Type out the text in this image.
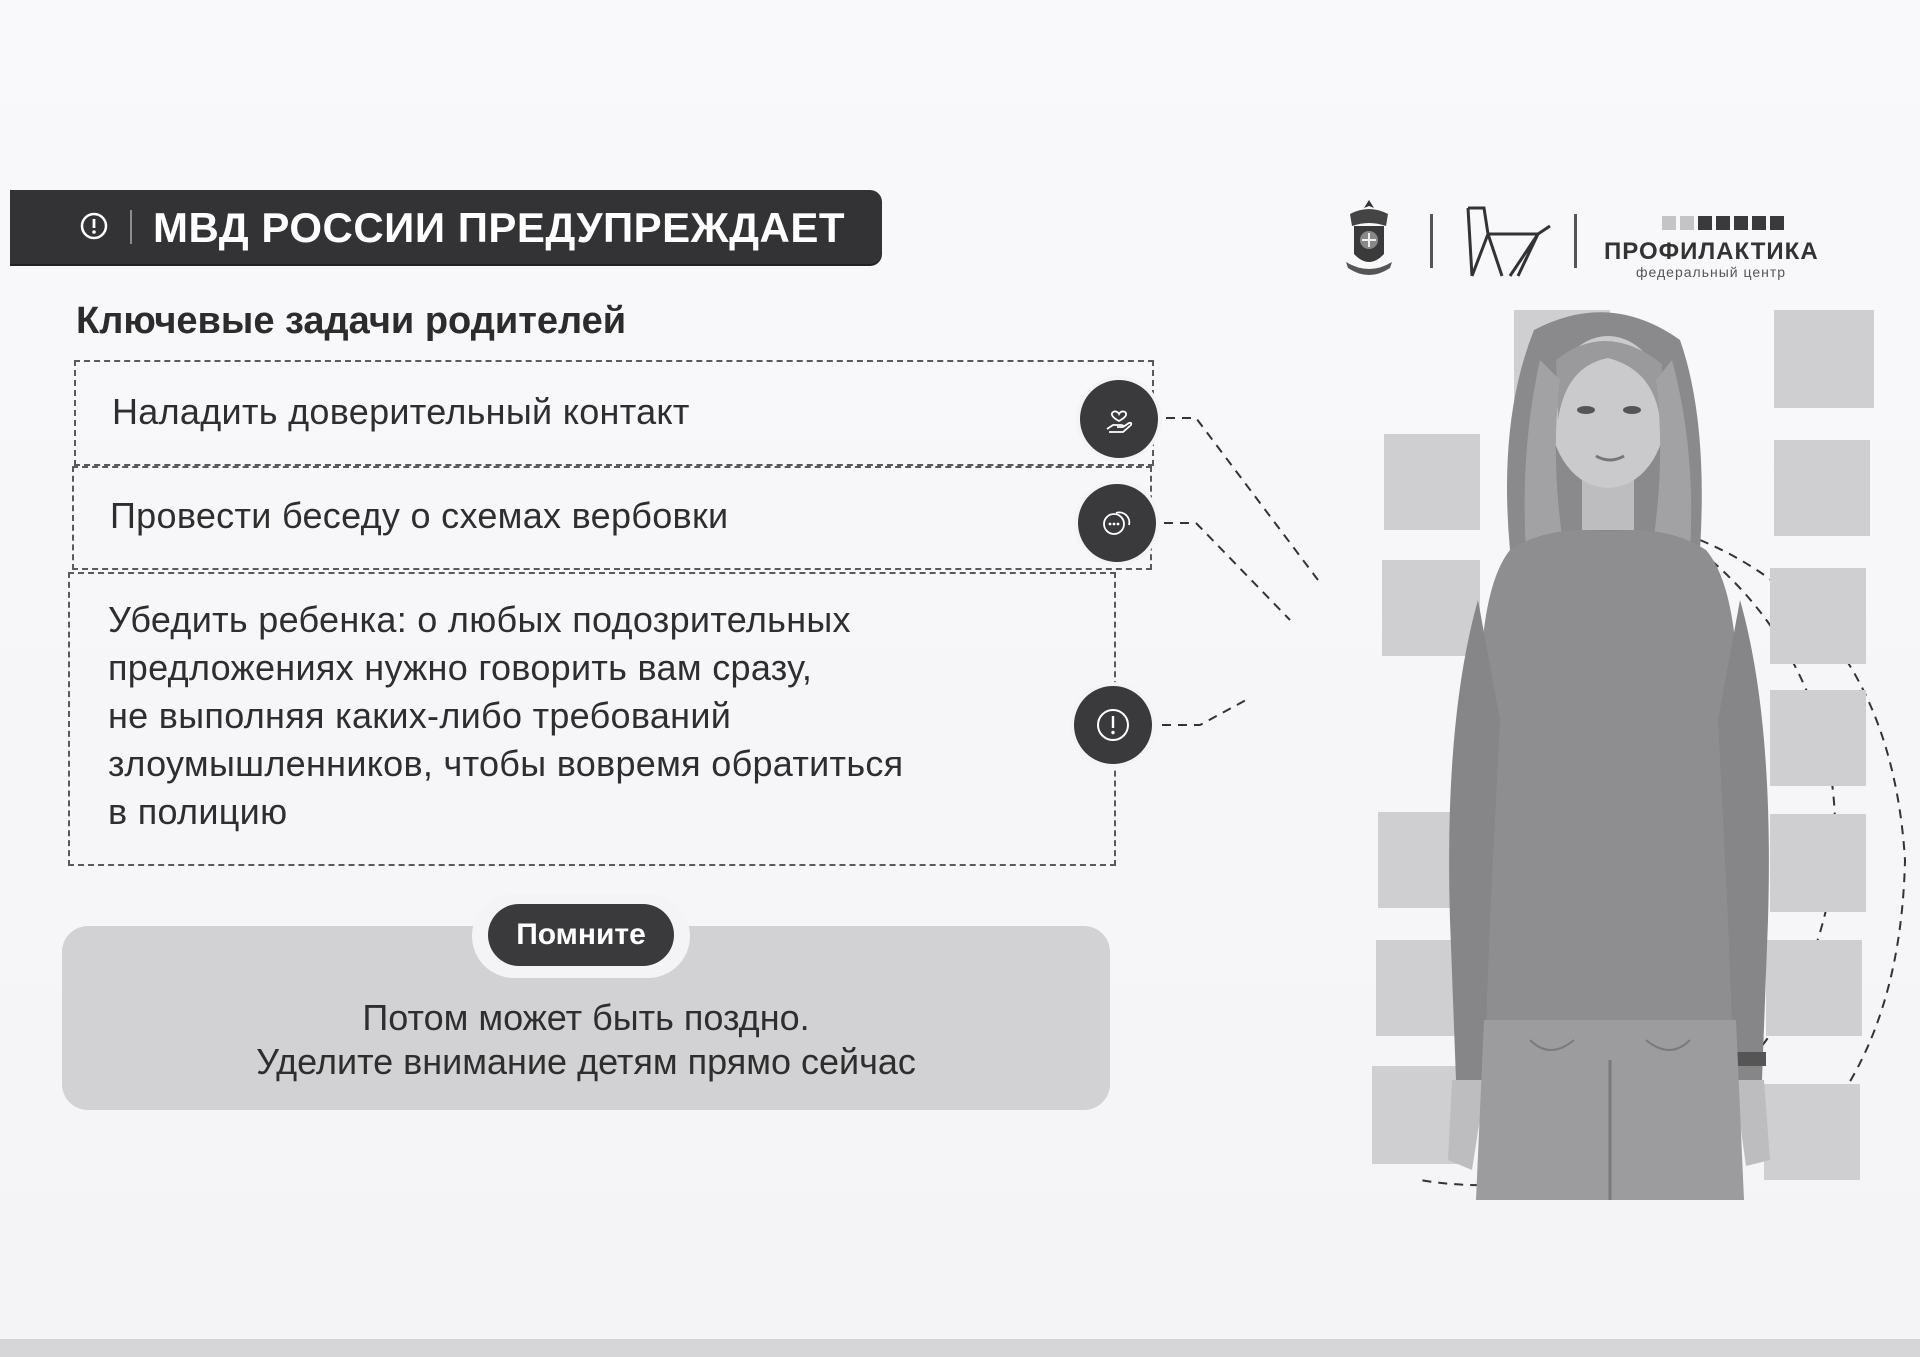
МВД РОССИИ ПРЕДУПРЕЖДАЕТ
ПРОФИЛАКТИКА
федеральный центр
Ключевые задачи родителей
Наладить доверительный контакт
Провести беседу о схемах вербовки
Убедить ребенка: о любых подозрительных
предложениях нужно говорить вам сразу,
не выполняя каких-либо требований
злоумышленников, чтобы вовремя обратиться
в полицию
Помните
Потом может быть поздно.
Уделите внимание детям прямо сейчас
